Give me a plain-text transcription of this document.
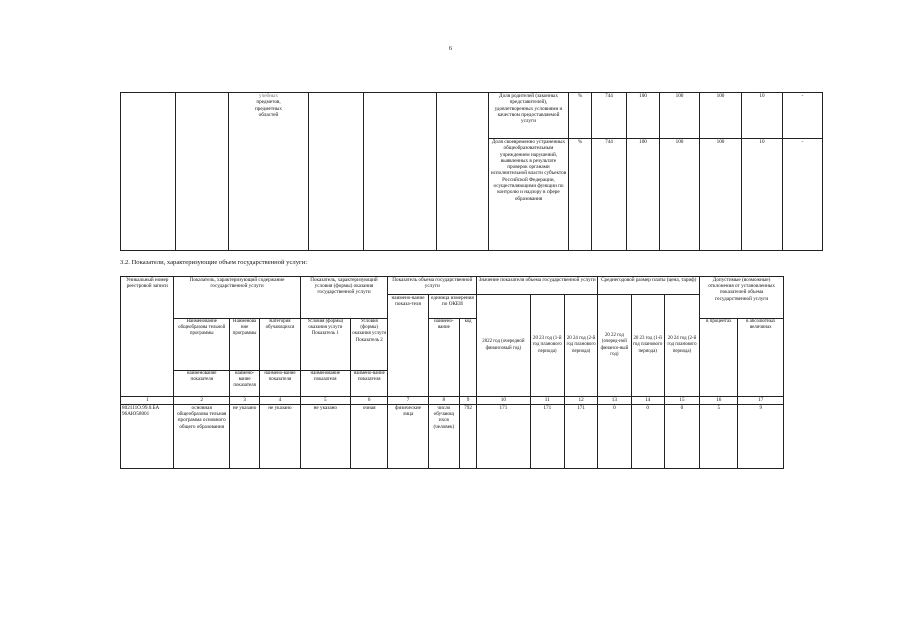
6

		учебных
предметов,
предметных
областей				Доля родителей (законных представителей), удовлетворенных условиями и качеством предоставляемой услуги	%	744	100	100	100	10	-
						Доля своевременно устраненных общеобразовательным учреждением нарушений, выявленных в результате проверок органами исполнительной власти субъектов Российской Федерации, осуществляющими функции по контролю и надзору в сфере образования	%	744	100	100	100	10	-
3.2. Показатели, характеризующие объем государственной услуги:
Уникальный номер реестровой записи	Показатель, характеризующий содержание государственной услуги			Показатель, характеризующий условия (формы) оказания государственной услуги		Показатель объема государственной услуги			Значение показателя объема государственной услуги			Среднегодовой размер платы (цена, тариф)			Допустимые (возможные) отклонения от установленных показателей объема государственной услуги	
						наимено-вание показа-теля	единица измерения по ОКЕИ		2022 год (очередной финансовый год)	20 23 год (1-й год планового периода)	20 24 год (2-й год планового периода)	20 22 год (очеред-ной финансо-вый год)	20 23 год (1-й год планового периода)	20 24 год (2-й год планового периода)		
	Наименование общеобразова тельной программы	Наименова ние программы	Категория обучающихся	Условия (формы) оказания услуги Показатель 1	Условия (формы) оказания услуги Показатель 2		наимено-вание	код							в процентах	в абсолютных величинах
	наименование показателя	наимено-вание показателя	наимено-вание показателя	наименование показателя	наимено-вание показателя											
1	2	3	4	5	6	7	8	9	10	11	12	13	14	15	16	17
802111О.99.0.БА 96АЮ58001	основная общеобразова тельная программа основного общего образования	не указано	не указано	не указано	очная	физические лица	число обучающ ихся (человек)	792	171	171	171	0	0	0	5	9
